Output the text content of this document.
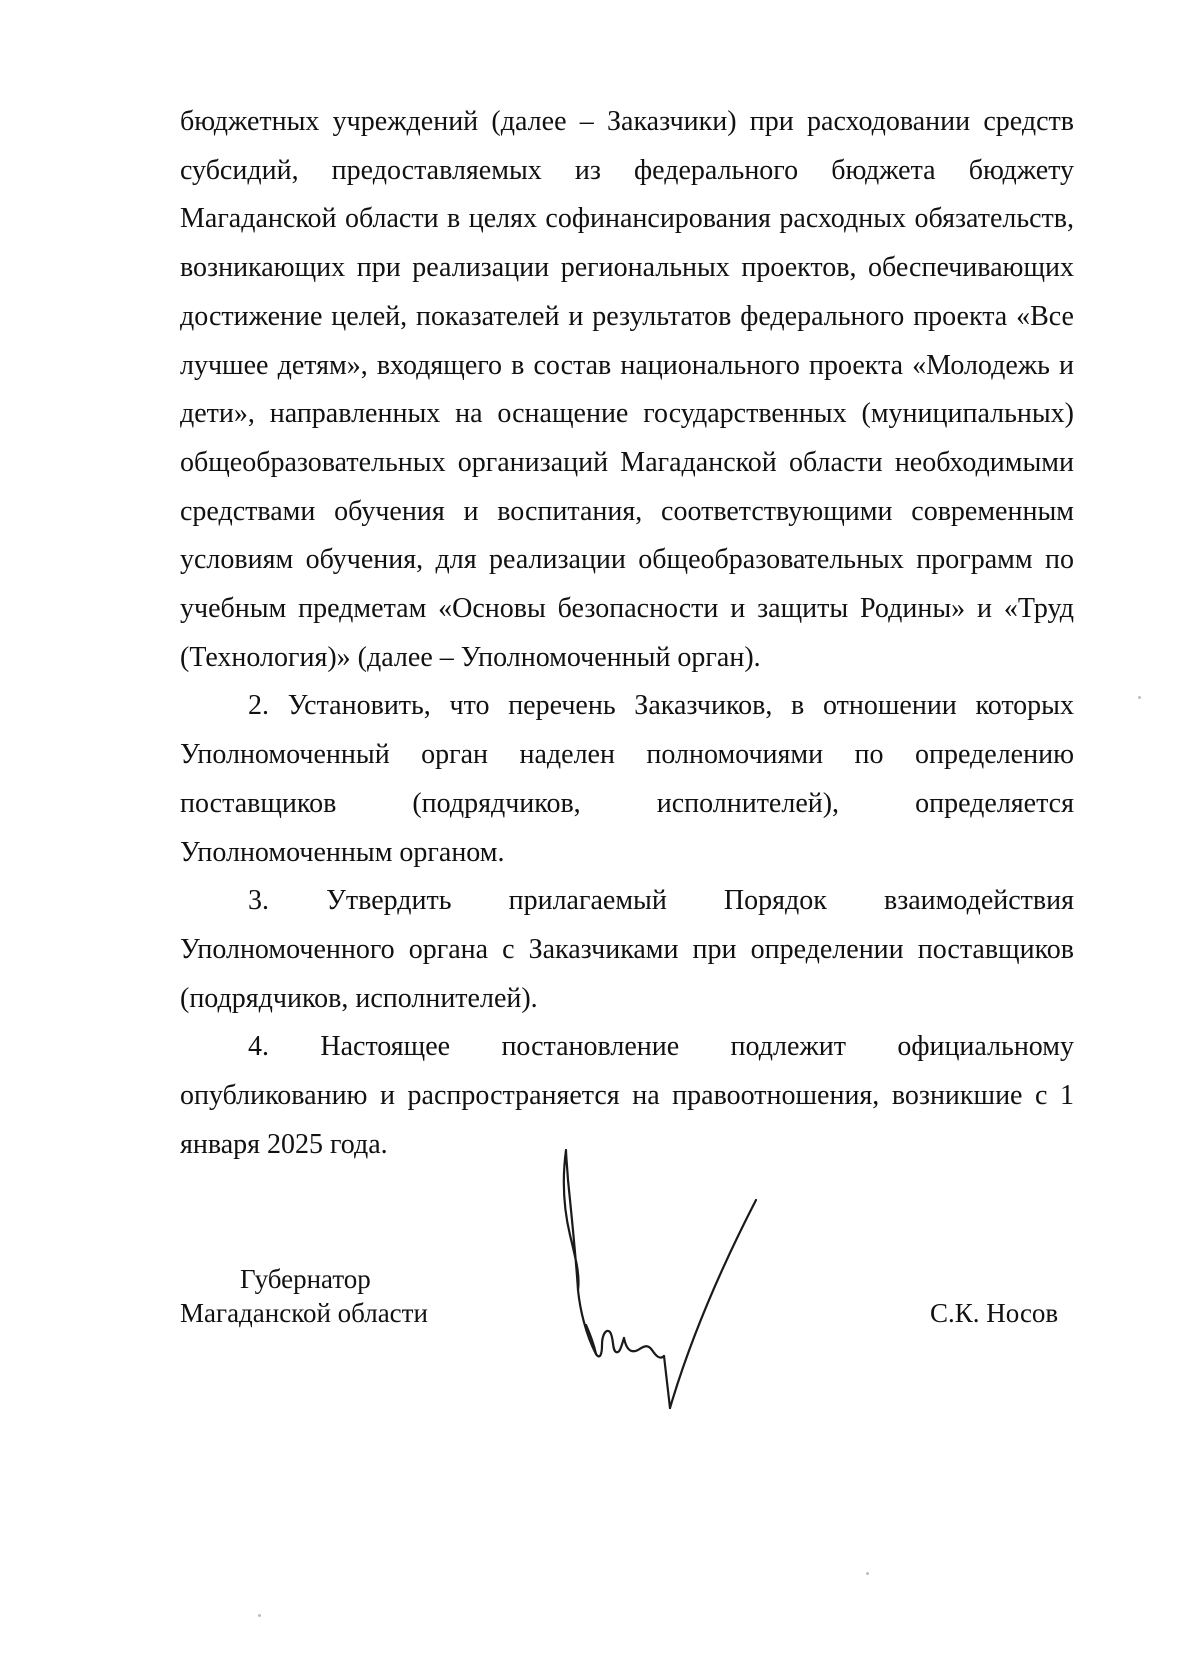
бюджетных учреждений (далее – Заказчики) при расходовании средств субсидий, предоставляемых из федерального бюджета бюджету Магаданской области в целях софинансирования расходных обязательств, возникающих при реализации региональных проектов, обеспечивающих достижение целей, показателей и результатов федерального проекта «Все лучшее детям», входящего в состав национального проекта «Молодежь и дети», направленных на оснащение государственных (муниципальных) общеобразовательных организаций Магаданской области необходимыми средствами обучения и воспитания, соответствующими современным условиям обучения, для реализации общеобразовательных программ по учебным предметам «Основы безопасности и защиты Родины» и «Труд (Технология)» (далее – Уполномоченный орган).

2. Установить, что перечень Заказчиков, в отношении которых Уполномоченный орган наделен полномочиями по определению поставщиков (подрядчиков, исполнителей), определяется Уполномоченным органом.

3. Утвердить прилагаемый Порядок взаимодействия Уполномоченного органа с Заказчиками при определении поставщиков (подрядчиков, исполнителей).

4. Настоящее постановление подлежит официальному опубликованию и распространяется на правоотношения, возникшие с 1 января 2025 года.

Губернатор
Магаданской области	С.К. Носов
